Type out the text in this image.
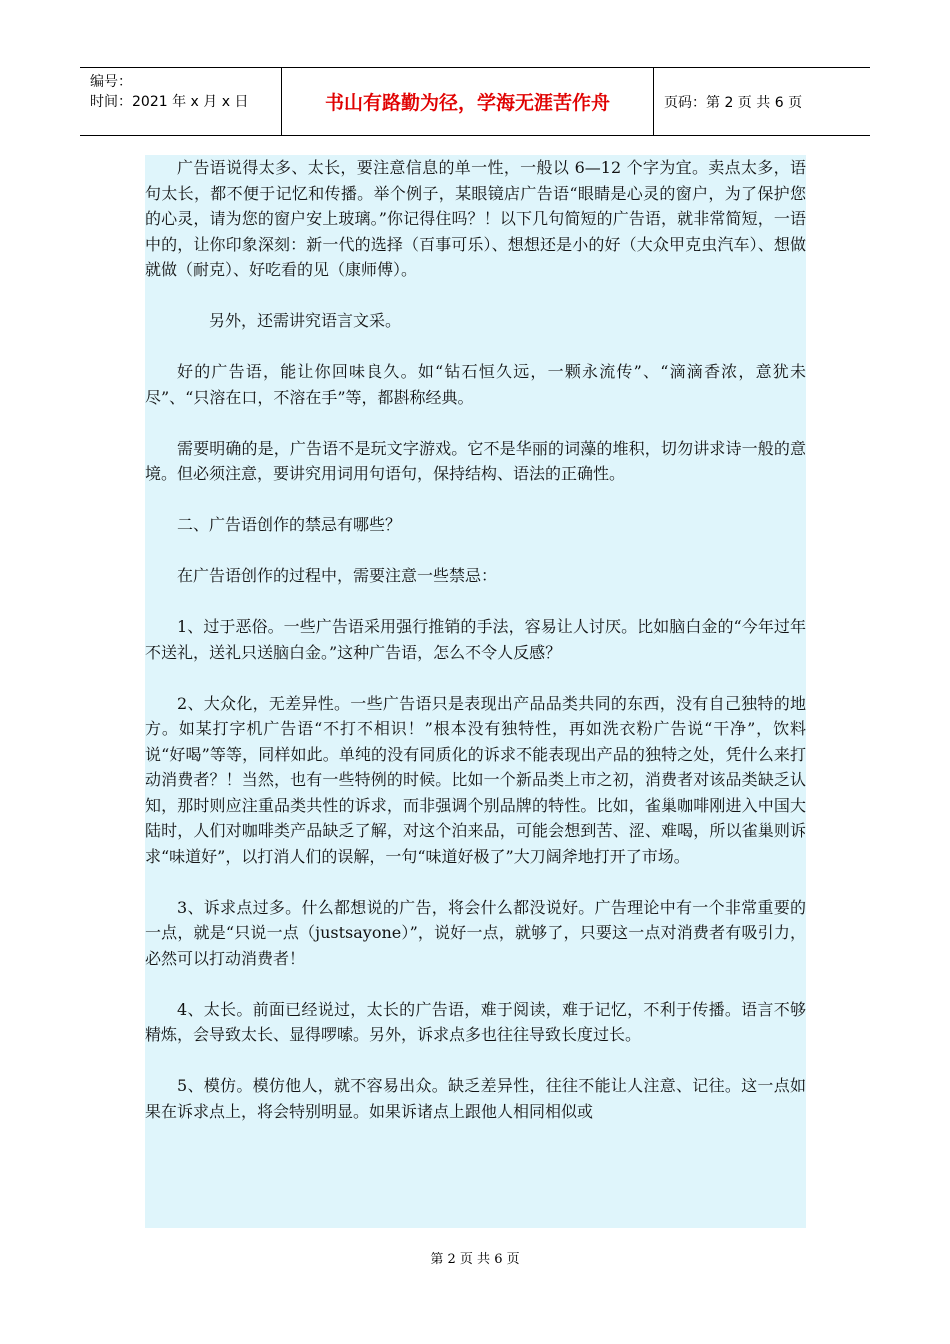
编号：
时间：2021 年 x 月 x 日	书山有路勤为径，学海无涯苦作舟	页码：第 2 页 共 6 页

广告语说得太多、太长，要注意信息的单一性，一般以 6—12 个字为宜。卖点太多，语句太长，都不便于记忆和传播。举个例子，某眼镜店广告语“眼睛是心灵的窗户，为了保护您的心灵，请为您的窗户安上玻璃。”你记得住吗？！以下几句简短的广告语，就非常简短，一语中的，让你印象深刻：新一代的选择（百事可乐）、想想还是小的好（大众甲克虫汽车）、想做就做（耐克）、好吃看的见（康师傅）。

另外，还需讲究语言文采。

好的广告语，能让你回味良久。如“钻石恒久远，一颗永流传”、“滴滴香浓，意犹未尽”、“只溶在口，不溶在手”等，都斟称经典。

需要明确的是，广告语不是玩文字游戏。它不是华丽的词藻的堆积，切勿讲求诗一般的意境。但必须注意，要讲究用词用句语句，保持结构、语法的正确性。

二、广告语创作的禁忌有哪些？

在广告语创作的过程中，需要注意一些禁忌：

1、过于恶俗。一些广告语采用强行推销的手法，容易让人讨厌。比如脑白金的“今年过年不送礼，送礼只送脑白金。”这种广告语，怎么不令人反感？

2、大众化，无差异性。一些广告语只是表现出产品品类共同的东西，没有自己独特的地方。如某打字机广告语“不打不相识！”根本没有独特性，再如洗衣粉广告说“干净”，饮料说“好喝”等等，同样如此。单纯的没有同质化的诉求不能表现出产品的独特之处，凭什么来打动消费者？！当然，也有一些特例的时候。比如一个新品类上市之初，消费者对该品类缺乏认知，那时则应注重品类共性的诉求，而非强调个别品牌的特性。比如，雀巢咖啡刚进入中国大陆时，人们对咖啡类产品缺乏了解，对这个泊来品，可能会想到苦、涩、难喝，所以雀巢则诉求“味道好”，以打消人们的误解，一句“味道好极了”大刀阔斧地打开了市场。

3、诉求点过多。什么都想说的广告，将会什么都没说好。广告理论中有一个非常重要的一点，就是“只说一点（justsayone）”，说好一点，就够了，只要这一点对消费者有吸引力，必然可以打动消费者！

4、太长。前面已经说过，太长的广告语，难于阅读，难于记忆，不利于传播。语言不够精炼，会导致太长、显得啰嗦。另外，诉求点多也往往导致长度过长。

5、模仿。模仿他人，就不容易出众。缺乏差异性，往往不能让人注意、记往。这一点如果在诉求点上，将会特别明显。如果诉诸点上跟他人相同相似或

第 2 页 共 6 页
